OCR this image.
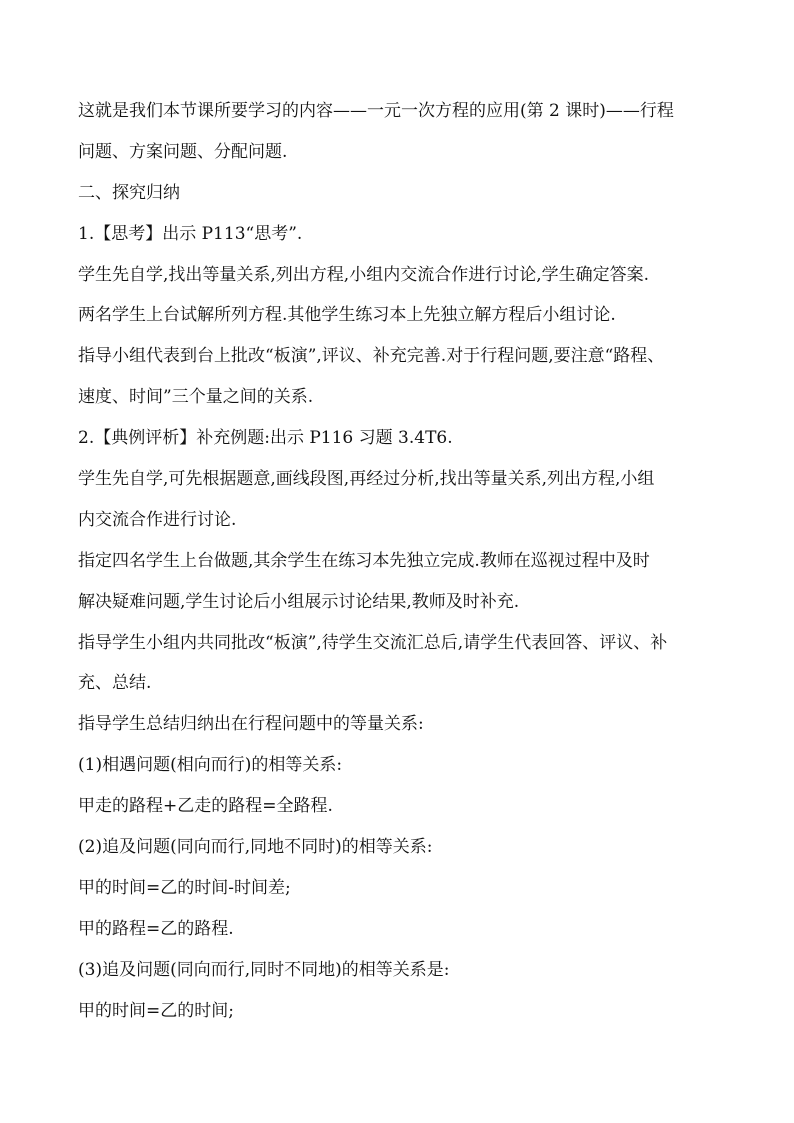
这就是我们本节课所要学习的内容——一元一次方程的应用(第 2 课时)——行程
问题、方案问题、分配问题.
二、探究归纳
1.【思考】出示 P113“思考”.
学生先自学,找出等量关系,列出方程,小组内交流合作进行讨论,学生确定答案.
两名学生上台试解所列方程.其他学生练习本上先独立解方程后小组讨论.
指导小组代表到台上批改“板演”,评议、补充完善.对于行程问题,要注意“路程、
速度、时间”三个量之间的关系.
2.【典例评析】补充例题:出示 P116 习题 3.4T6.
学生先自学,可先根据题意,画线段图,再经过分析,找出等量关系,列出方程,小组
内交流合作进行讨论.
指定四名学生上台做题,其余学生在练习本先独立完成.教师在巡视过程中及时
解决疑难问题,学生讨论后小组展示讨论结果,教师及时补充.
指导学生小组内共同批改“板演”,待学生交流汇总后,请学生代表回答、评议、补
充、总结.
指导学生总结归纳出在行程问题中的等量关系:
(1)相遇问题(相向而行)的相等关系:
甲走的路程+乙走的路程=全路程.
(2)追及问题(同向而行,同地不同时)的相等关系:
甲的时间=乙的时间-时间差;
甲的路程=乙的路程.
(3)追及问题(同向而行,同时不同地)的相等关系是:
甲的时间=乙的时间;
